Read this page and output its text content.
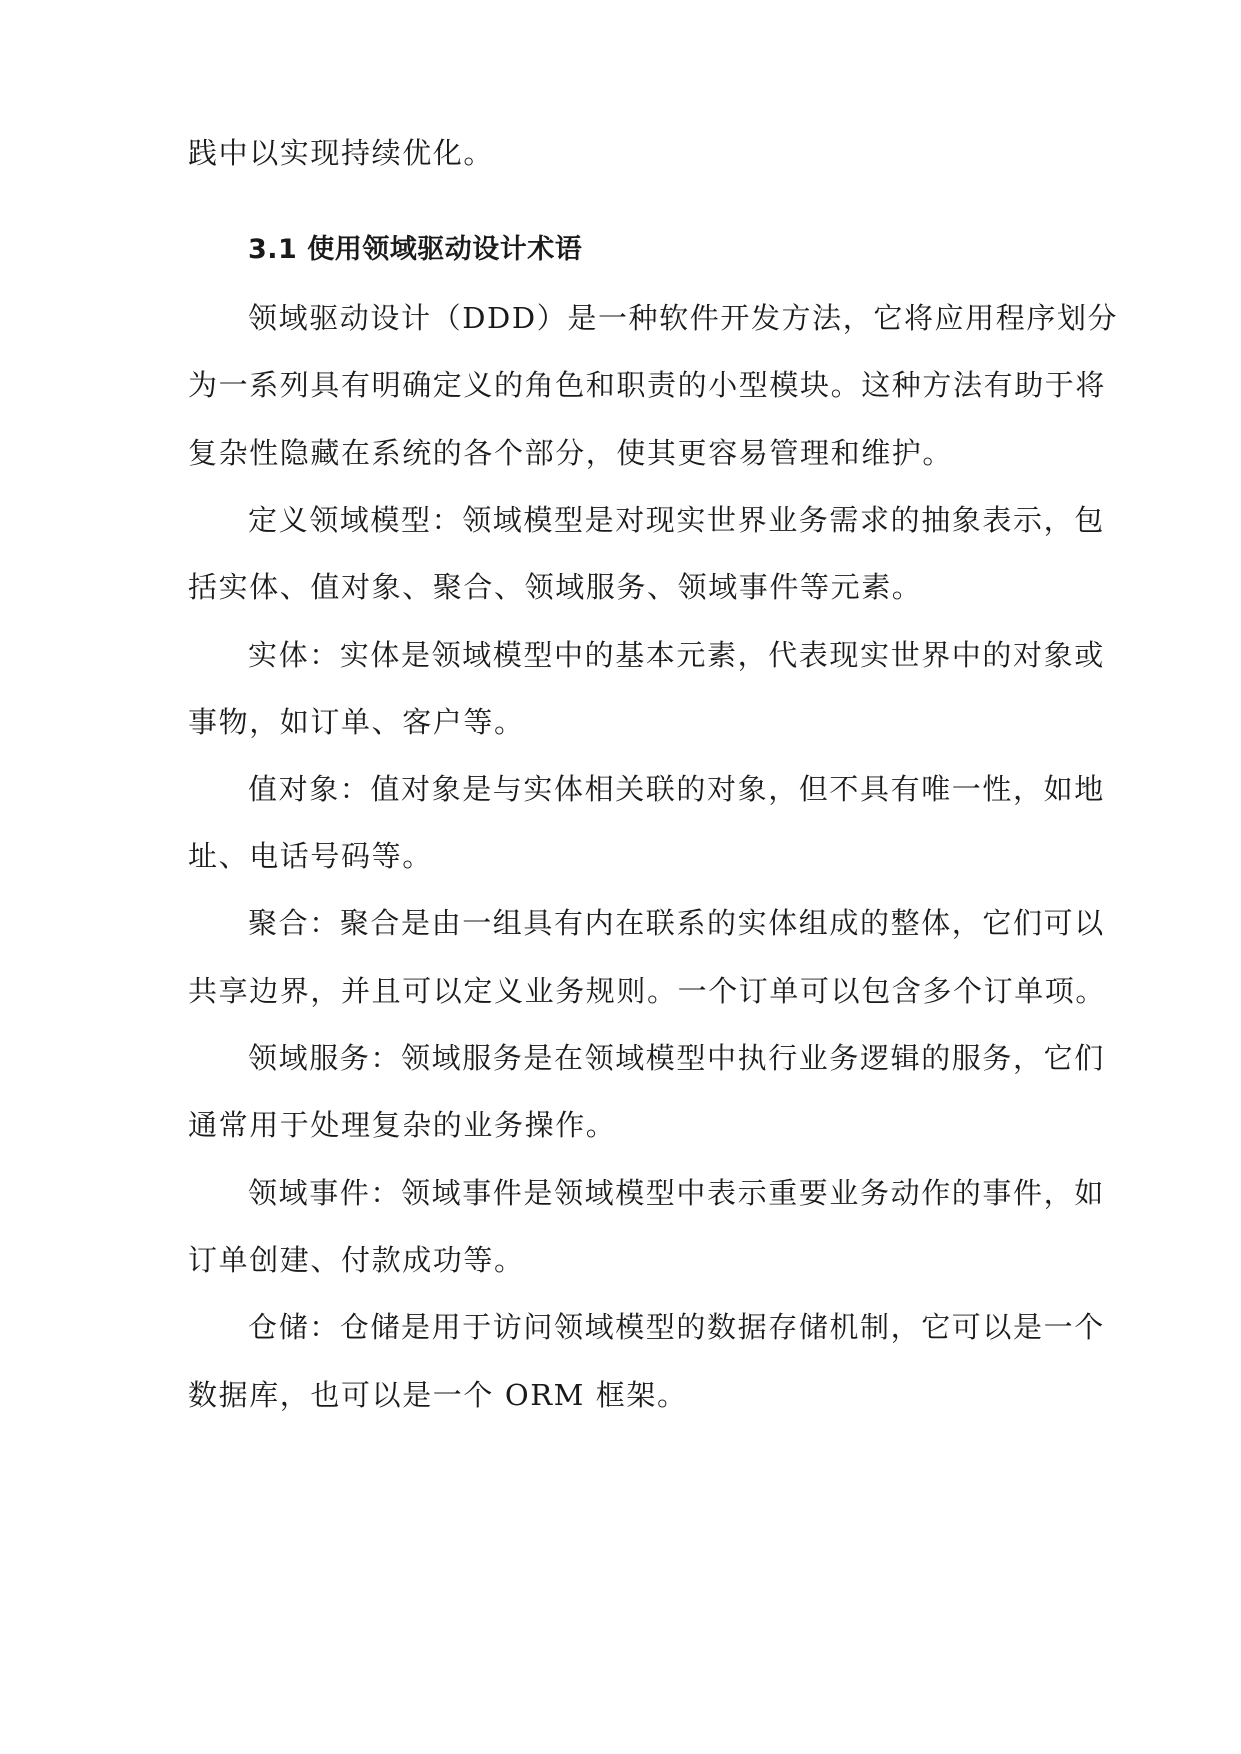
践中以实现持续优化。
3.1 使用领域驱动设计术语
领域驱动设计（DDD）是一种软件开发方法，它将应用程序划分
为一系列具有明确定义的角色和职责的小型模块。这种方法有助于将
复杂性隐藏在系统的各个部分，使其更容易管理和维护。
定义领域模型：领域模型是对现实世界业务需求的抽象表示，包
括实体、值对象、聚合、领域服务、领域事件等元素。
实体：实体是领域模型中的基本元素，代表现实世界中的对象或
事物，如订单、客户等。
值对象：值对象是与实体相关联的对象，但不具有唯一性，如地
址、电话号码等。
聚合：聚合是由一组具有内在联系的实体组成的整体，它们可以
共享边界，并且可以定义业务规则。一个订单可以包含多个订单项。
领域服务：领域服务是在领域模型中执行业务逻辑的服务，它们
通常用于处理复杂的业务操作。
领域事件：领域事件是领域模型中表示重要业务动作的事件，如
订单创建、付款成功等。
仓储：仓储是用于访问领域模型的数据存储机制，它可以是一个
数据库，也可以是一个 ORM 框架。
